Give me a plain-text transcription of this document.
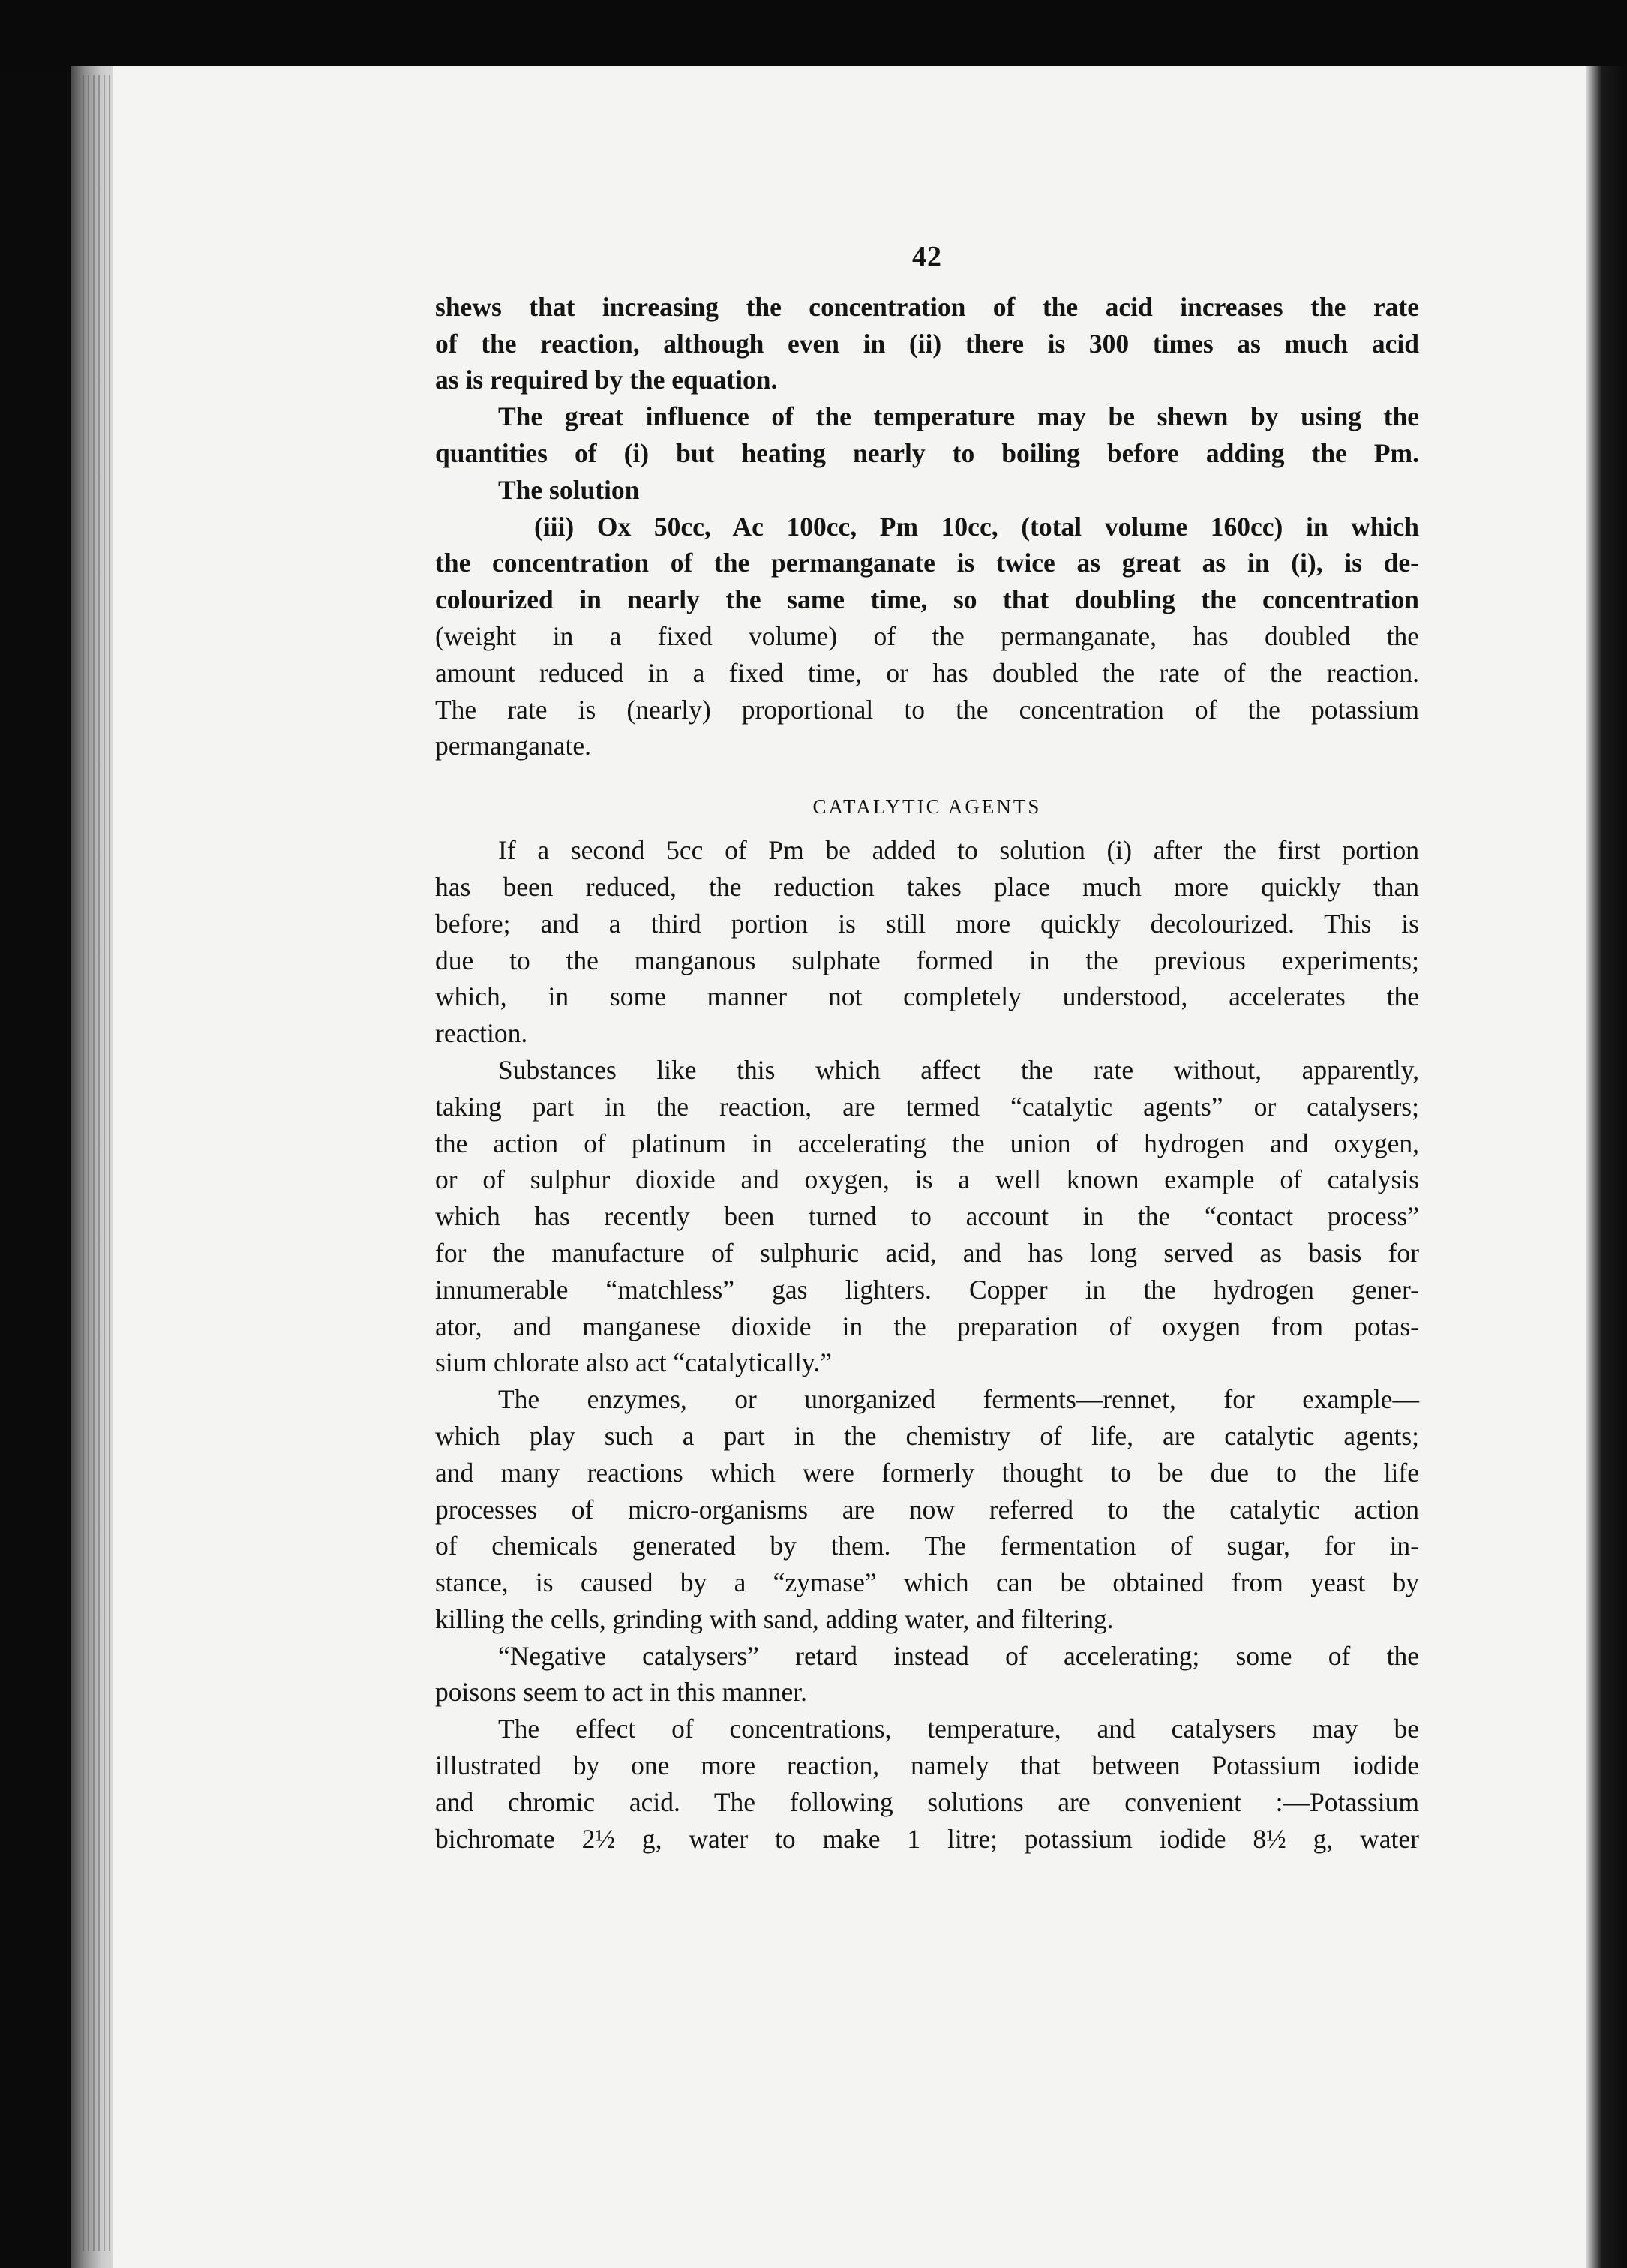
42
shews that increasing the concentration of the acid increases the rate
of the reaction, although even in (ii) there is 300 times as much acid
as is required by the equation.
The great influence of the temperature may be shewn by using the
quantities of (i) but heating nearly to boiling before adding the Pm.
The solution
(iii) Ox 50cc, Ac 100cc, Pm 10cc, (total volume 160cc) in which
the concentration of the permanganate is twice as great as in (i), is de-
colourized in nearly the same time, so that doubling the concentration
(weight in a fixed volume) of the permanganate, has doubled the
amount reduced in a fixed time, or has doubled the rate of the reaction.
The rate is (nearly) proportional to the concentration of the potassium
permanganate.
CATALYTIC AGENTS
If a second 5cc of Pm be added to solution (i) after the first portion
has been reduced, the reduction takes place much more quickly than
before; and a third portion is still more quickly decolourized. This is
due to the manganous sulphate formed in the previous experiments;
which, in some manner not completely understood, accelerates the
reaction.
Substances like this which affect the rate without, apparently,
taking part in the reaction, are termed “catalytic agents” or catalysers;
the action of platinum in accelerating the union of hydrogen and oxygen,
or of sulphur dioxide and oxygen, is a well known example of catalysis
which has recently been turned to account in the “contact process”
for the manufacture of sulphuric acid, and has long served as basis for
innumerable “matchless” gas lighters. Copper in the hydrogen gener-
ator, and manganese dioxide in the preparation of oxygen from potas-
sium chlorate also act “catalytically.”
The enzymes, or unorganized ferments—rennet, for example—
which play such a part in the chemistry of life, are catalytic agents;
and many reactions which were formerly thought to be due to the life
processes of micro-organisms are now referred to the catalytic action
of chemicals generated by them. The fermentation of sugar, for in-
stance, is caused by a “zymase” which can be obtained from yeast by
killing the cells, grinding with sand, adding water, and filtering.
“Negative catalysers” retard instead of accelerating; some of the
poisons seem to act in this manner.
The effect of concentrations, temperature, and catalysers may be
illustrated by one more reaction, namely that between Potassium iodide
and chromic acid. The following solutions are convenient :—Potassium
bichromate 2½ g, water to make 1 litre; potassium iodide 8½ g, water
